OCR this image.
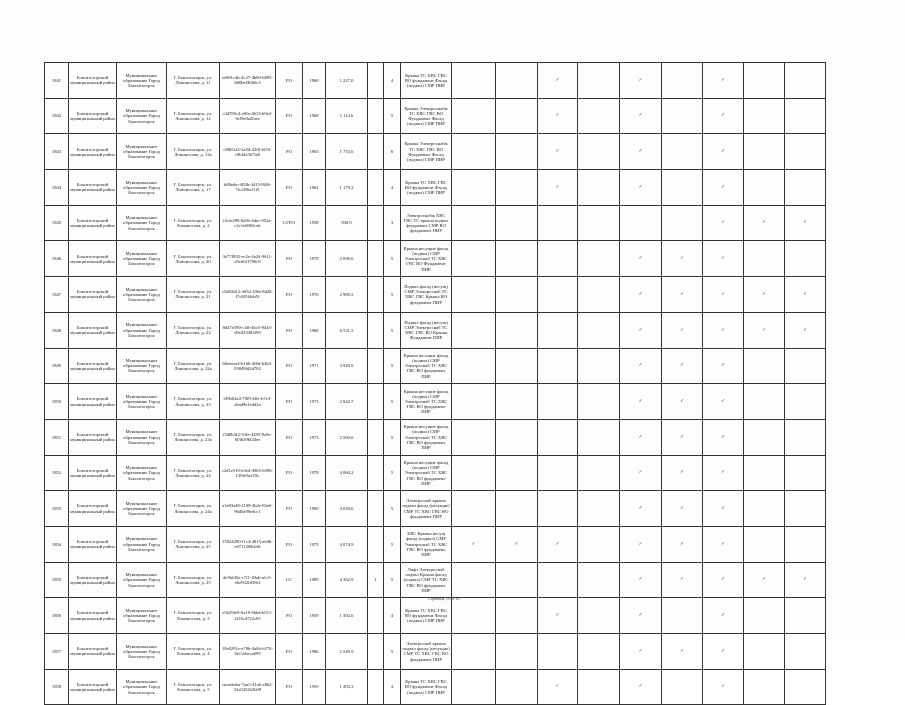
· · · · · · ·
1841	Бокситогорский муниципальный район	Муниципальное образование Город Бокситогорск	Г. Бокситогорск, ул. Ломоносова, д. 11	ee961c4b-4c27-4b60-b895-8d0bef40b6c3	РО	1960	1 227,0		4	Крыша ТС ХВС ГВС ВО фундамент Фасад (подвал) СМР ПИР			✓		✓		✓		
1842	Бокситогорский муниципальный район	Муниципальное образование Город Бокситогорск	Г. Бокситогорск, ул. Ломоносова, д. 12	c3d785c4-e8fe-4613-b9a3-5ef9e0a2faee	РО	1968	1 114,6		5	Крыша Электроснабж ТС ХВС ГВС ВО Фундамент Фасад (подвал) СМР ПИР			✓		✓		✓		
1843	Бокситогорский муниципальный район	Муниципальное образование Город Бокситогорск	Г. Бокситогорск, ул. Ломоносова, д. 13а	c88f5cf2-2a5d-42f0-bf53-c9bf2e5b7fe0	РО	1965	1 753,6		6	Крыша Электроснабж ТС ХВС ГВС ВО Фундамент Фасад (подвал) СМР ПИР			✓		✓		✓		
1844	Бокситогорский муниципальный район	Муниципальное образование Город Бокситогорск	Г. Бокситогорск, ул. Ломоносова, д. 17	bf8babc-403b-4415-8f46-7fc2f9bcf1f5	РО	1961	1 179,2		4	Крыша ТС ХВС ГВС ВО фундамент Фасад (подвал) СМР ПИР			✓		✓		✓		
1845	Бокситогорский муниципальный район	Муниципальное образование Город Бокситогорск	Г. Бокситогорск, ул. Ломоносова, д. 2	f4cfe286-0a5b-4dec-952a-c2c1e6865cde	СГРО	1958	930,0		3	Электроснабж ХВС ГВС ТС крыша подвал фундамент СМР ВО фундамент ПИР							✓	✓	✓
1846	Бокситогорский муниципальный район	Муниципальное образование Город Бокситогорск	Г. Бокситогорск, ул. Ломоносова, д. 20	3e77f935-ec2e-4a24-9611-e9c6f41706c9	РО	1978	2 096,6		5	Крыша несущие фасад (подвал) СМР Электроснаб ТС ХВС ГВС ВО Фундамент ПИР					✓	✓	✓		
1847	Бокситогорский муниципальный район	Муниципальное образование Город Бокситогорск	Г. Бокситогорск, ул. Ломоносова, д. 21	c5d02d12-3d52-43fb-8d28-f7c8f5f4eb5f	РО	1976	2 989,5		5	Подвал фасад (несущ) СМР Электроснаб ТС ХВС ГВС Крыша ВО фундамент ПИР					✓	✓	✓	✓	✓
1848	Бокситогорский муниципальный район	Муниципальное образование Город Бокситогорск	Г. Бокситогорск, ул. Ломоносова, д. 22	8d47e590-c4ff-4bc5-9443-d9c023482f95	РО	1968	6 531,5		5	Подвал фасад (несущ) СМР Электроснаб ТС ХВС ГВС ВО Крыша Фундамент ПИР					✓	✓	✓	✓	✓
1849	Бокситогорский муниципальный район	Муниципальное образование Город Бокситогорск	Г. Бокситогорск, ул. Ломоносова, д. 22а	b0eeeea4-b1b6-4f6d-b4b3-93849fd2d762	РО	1971	3 929,9		5	Крыша несущие фасад (подвал) СМР Электроснаб ТС ХВС ГВС ВО фундамент ПИР					✓	✓	✓		
1850	Бокситогорский муниципальный район	Муниципальное образование Город Бокситогорск	Г. Бокситогорск, ул. Ломоносова, д. 23	f39b02a4-78f9-4ffe-b7e3-a6ad9e1e4d2a	РО	1973	2 842,7		5	Крыша несущие фасад (подвал) СМР Электроснаб ТС ХВС ГВС ВО фундамент ПИР					✓	✓	✓		
1851	Бокситогорский муниципальный район	Муниципальное образование Город Бокситогорск	Г. Бокситогорск, ул. Ломоносова, д. 23а	f5d8b3f2-53fe-4295-9a9e-6f3b596f24ee	РО	1973	2 560,6		5	Крыша несущие фасад (подвал) СМР Электроснаб ТС ХВС ГВС ВО фундамент ПИР					✓	✓	✓		
1852	Бокситогорский муниципальный район	Муниципальное образование Город Бокситогорск	Г. Бокситогорск, ул. Ломоносова, д. 24	c2d1e519-b3e4-4965-b596-130fe9a219c	РО	1978	4 060,2		5	Крыша несущие фасад (подвал) СМР Электроснаб ТС ХВС ГВС ВО фундамент ПИР					✓	✓	✓		
1853	Бокситогорский муниципальный район	Муниципальное образование Город Бокситогорск	Г. Бокситогорск, ул. Ломоносова, д. 24а	a1e83a48-2109-4b2e-82e6-96d0a99edcc1	РО	1990	4 030,6		5	Электроснаб крыша подвал фасад (несущие) СМР ТС ХВС ГВС ВО фундамент ПИР					✓	✓	✓		
1854	Бокситогорский муниципальный район	Муниципальное образование Город Бокситогорск	Г. Бокситогорск, ул. Ломоносова, д. 25	15024290-f1c4-4815-ab4b-e0711308cb0f	РО	1975	4 074,9		5	ХВС Крыша несущ фасад (подвал) СМР Электроснаб ТС ХВС ГВС ВО фундамент ПИР	✓	✓	✓		✓	✓	✓		
1855	Бокситогорский муниципальный район	Муниципальное образование Город Бокситогорск	Г. Бокситогорск, ул. Ломоносова, д. 25	de5bfd5e-c7f1-49ab-a1c5-e6e932fd39ef	СС	1989	4 362,9	1	5	Лифт Электроснаб подвал Крыша фасад (подвал) СМР ТС ХВС ГВС ВО фундамент ПИР					✓	✓	✓	✓	✓
1856	Бокситогорский муниципальный район	Муниципальное образование Город Бокситогорск	Г. Бокситогорск, ул. Ломоносова, д. 3	e5b29fe9-6a18-4bbd-b511-2f16c4722c05	РО	1959	1 392,6		4	Крыша ТС ХВС ГВС ВО фундамент Фасад (подвал) СМР ПИР			✓		✓		✓		
1857	Бокситогорский муниципальный район	Муниципальное образование Город Бокситогорск	Г. Бокситогорск, ул. Ломоносова, д. 4	18e8291e-e70b-4a6b-b576-8e11ebeca699	РО	1986	2 549,9		5	Электроснаб крыша подвал фасад (несущие) СМР ТС ХВС ГВС ВО фундамент ПИР					✓	✓	✓		
1858	Бокситогорский муниципальный район	Муниципальное образование Город Бокситогорск	Г. Бокситогорск, ул. Ломоносова, д. 5	cmeebeba-7aa5-41ab-a862-32a5452b5b09	РО	1959	1 203,3		4	Крыша ТС ХВС ГВС ВО фундамент Фасад (подвал) СМР ПИР			✓		✓		✓		
Страница 78 из 107
